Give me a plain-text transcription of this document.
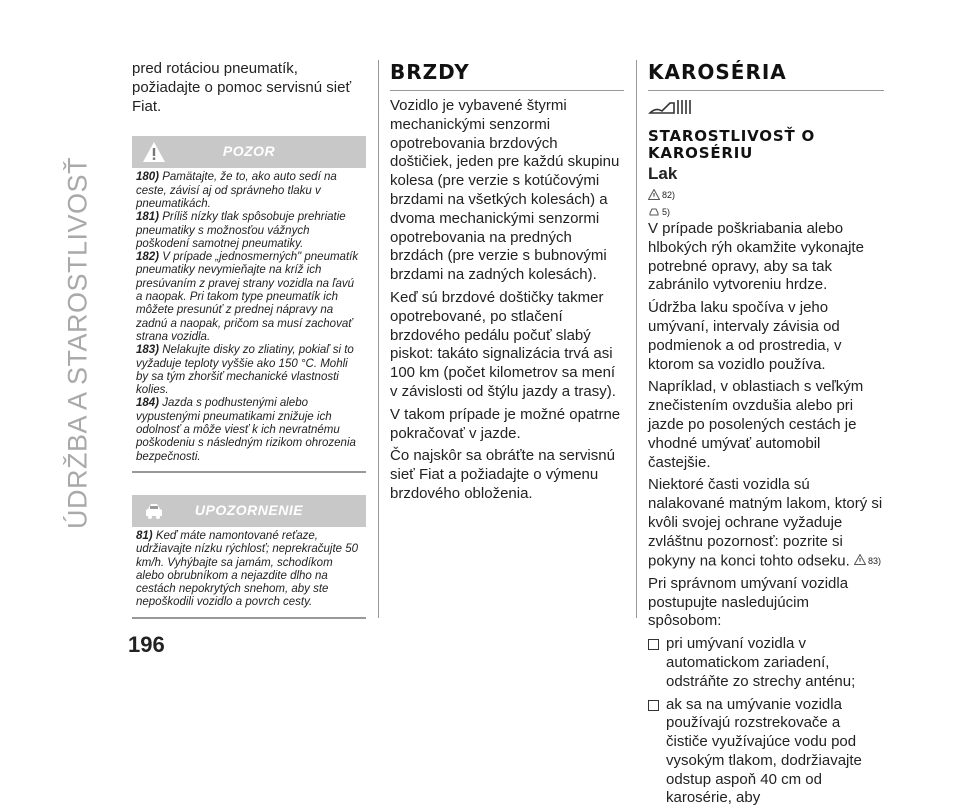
ÚDRŽBA A STAROSTLIVOSŤ
196

pred rotáciou pneumatík, požiadajte o pomoc servisnú sieť Fiat.

POZOR

180) Pamätajte, že to, ako auto sedí na ceste, závisí aj od správneho tlaku v pneumatikách.

181) Príliš nízky tlak spôsobuje prehriatie pneumatiky s možnosťou vážnych poškodení samotnej pneumatiky.

182) V prípade „jednosmerných" pneumatík pneumatiky nevymieňajte na kríž ich presúvaním z pravej strany vozidla na ľavú a naopak. Pri takom type pneumatík ich môžete presunúť z prednej nápravy na zadnú a naopak, pričom sa musí zachovať strana vozidla.

183) Nelakujte disky zo zliatiny, pokiaľ si to vyžaduje teploty vyššie ako 150 °C. Mohli by sa tým zhoršiť mechanické vlastnosti kolies.

184) Jazda s podhustenými alebo vypustenými pneumatikami znižuje ich odolnosť a môže viesť k ich nevratnému poškodeniu s následným rizikom ohrozenia bezpečnosti.

UPOZORNENIE

81) Keď máte namontované reťaze, udržiavajte nízku rýchlosť; neprekračujte 50 km/h. Vyhýbajte sa jamám, schodíkom alebo obrubníkom a nejazdite dlho na cestách nepokrytých snehom, aby ste nepoškodili vozidlo a povrch cesty.

BRZDY

Vozidlo je vybavené štyrmi mechanickými senzormi opotrebovania brzdových doštičiek, jeden pre každú skupinu kolesa (pre verzie s kotúčovými brzdami na všetkých kolesách) a dvoma mechanickými senzormi opotrebovania na predných brzdách (pre verzie s bubnovými brzdami na zadných kolesách).

Keď sú brzdové doštičky takmer opotrebované, po stlačení brzdového pedálu počuť slabý piskot: takáto signalizácia trvá asi 100 km (počet kilometrov sa mení v závislosti od štýlu jazdy a trasy).

V takom prípade je možné opatrne pokračovať v jazde.

Čo najskôr sa obráťte na servisnú sieť Fiat a požiadajte o výmenu brzdového obloženia.

KAROSÉRIA
STAROSTLIVOSŤ O KAROSÉRIU
Lak
82)
5)

V prípade poškriabania alebo hlbokých rýh okamžite vykonajte potrebné opravy, aby sa tak zabránilo vytvoreniu hrdze.

Údržba laku spočíva v jeho umývaní, intervaly závisia od podmienok a od prostredia, v ktorom sa vozidlo používa.

Napríklad, v oblastiach s veľkým znečistením ovzdušia alebo pri jazde po posolených cestách je vhodné umývať automobil častejšie.

Niektoré časti vozidla sú nalakované matným lakom, ktorý si kvôli svojej ochrane vyžaduje zvláštnu pozornosť: pozrite si pokyny na konci tohto odseku. 83)

Pri správnom umývaní vozidla postupujte nasledujúcim spôsobom:

pri umývaní vozidla v automatickom zariadení, odstráňte zo strechy anténu;

ak sa na umývanie vozidla používajú rozstrekovače a čističe využívajúce vodu pod vysokým tlakom, dodržiavajte odstup aspoň 40 cm od karosérie, aby
